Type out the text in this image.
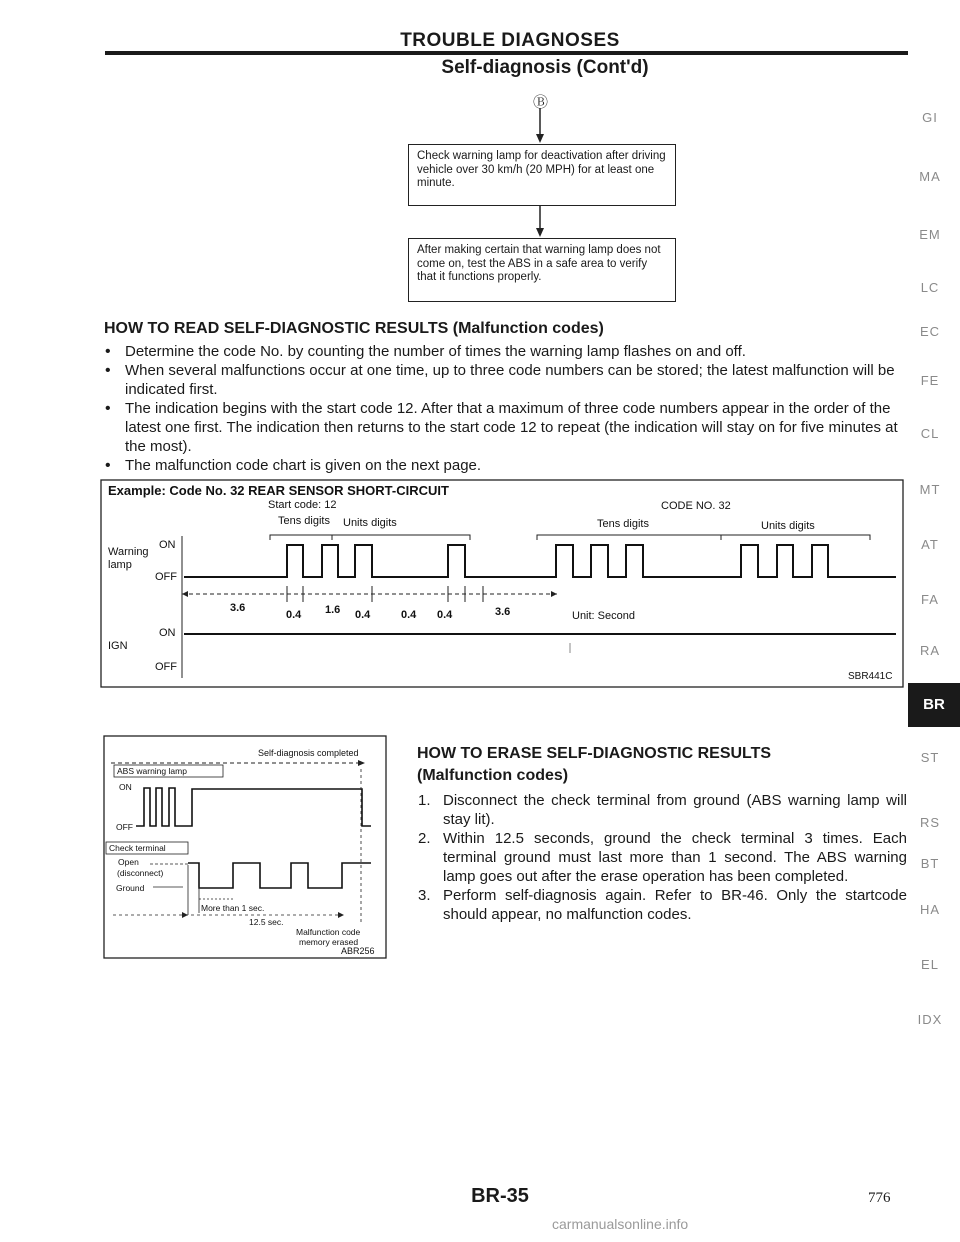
TROUBLE DIAGNOSES
Self-diagnosis (Cont'd)
Ⓑ
Check warning lamp for deactivation after driving vehicle over 30 km/h (20 MPH) for at least one minute.
After making certain that warning lamp does not come on, test the ABS in a safe area to verify that it functions properly.
HOW TO READ SELF-DIAGNOSTIC RESULTS (Malfunction codes)
• Determine the code No. by counting the number of times the warning lamp flashes on and off.
• When several malfunctions occur at one time, up to three code numbers can be stored; the latest malfunction will be indicated first.
• The indication begins with the start code 12. After that a maximum of three code numbers appear in the order of the latest one first. The indication then returns to the start code 12 to repeat (the indication will stay on for five minutes at the most).
• The malfunction code chart is given on the next page.
Example: Code No. 32 REAR SENSOR SHORT-CIRCUIT
Start code: 12	CODE NO. 32
Tens digits Units digits	Tens digits	Units digits
Warning
lamp
ON
OFF
ON
IGN
OFF
3.6
0.4 1.6 0.4	0.4 0.4	3.6	Unit: Second
SBR441C
Self-diagnosis completed
ABS warning lamp
ON
OFF
Check terminal
Open
(disconnect)
Ground
More than 1 sec.
12.5 sec.
Malfunction code
memory erased
ABR256
HOW TO ERASE SELF-DIAGNOSTIC RESULTS
(Malfunction codes)
1. Disconnect the check terminal from ground (ABS warning lamp will stay lit).
2. Within 12.5 seconds, ground the check terminal 3 times. Each terminal ground must last more than 1 second. The ABS warning lamp goes out after the erase operation has been completed.
3. Perform self-diagnosis again. Refer to BR-46. Only the startcode should appear, no malfunction codes.
GI
MA
EM
LC
EC
FE
CL
MT
AT
FA
RA
BR
ST
RS
BT
HA
EL
IDX
BR-35	776
carmanualsonline.info
